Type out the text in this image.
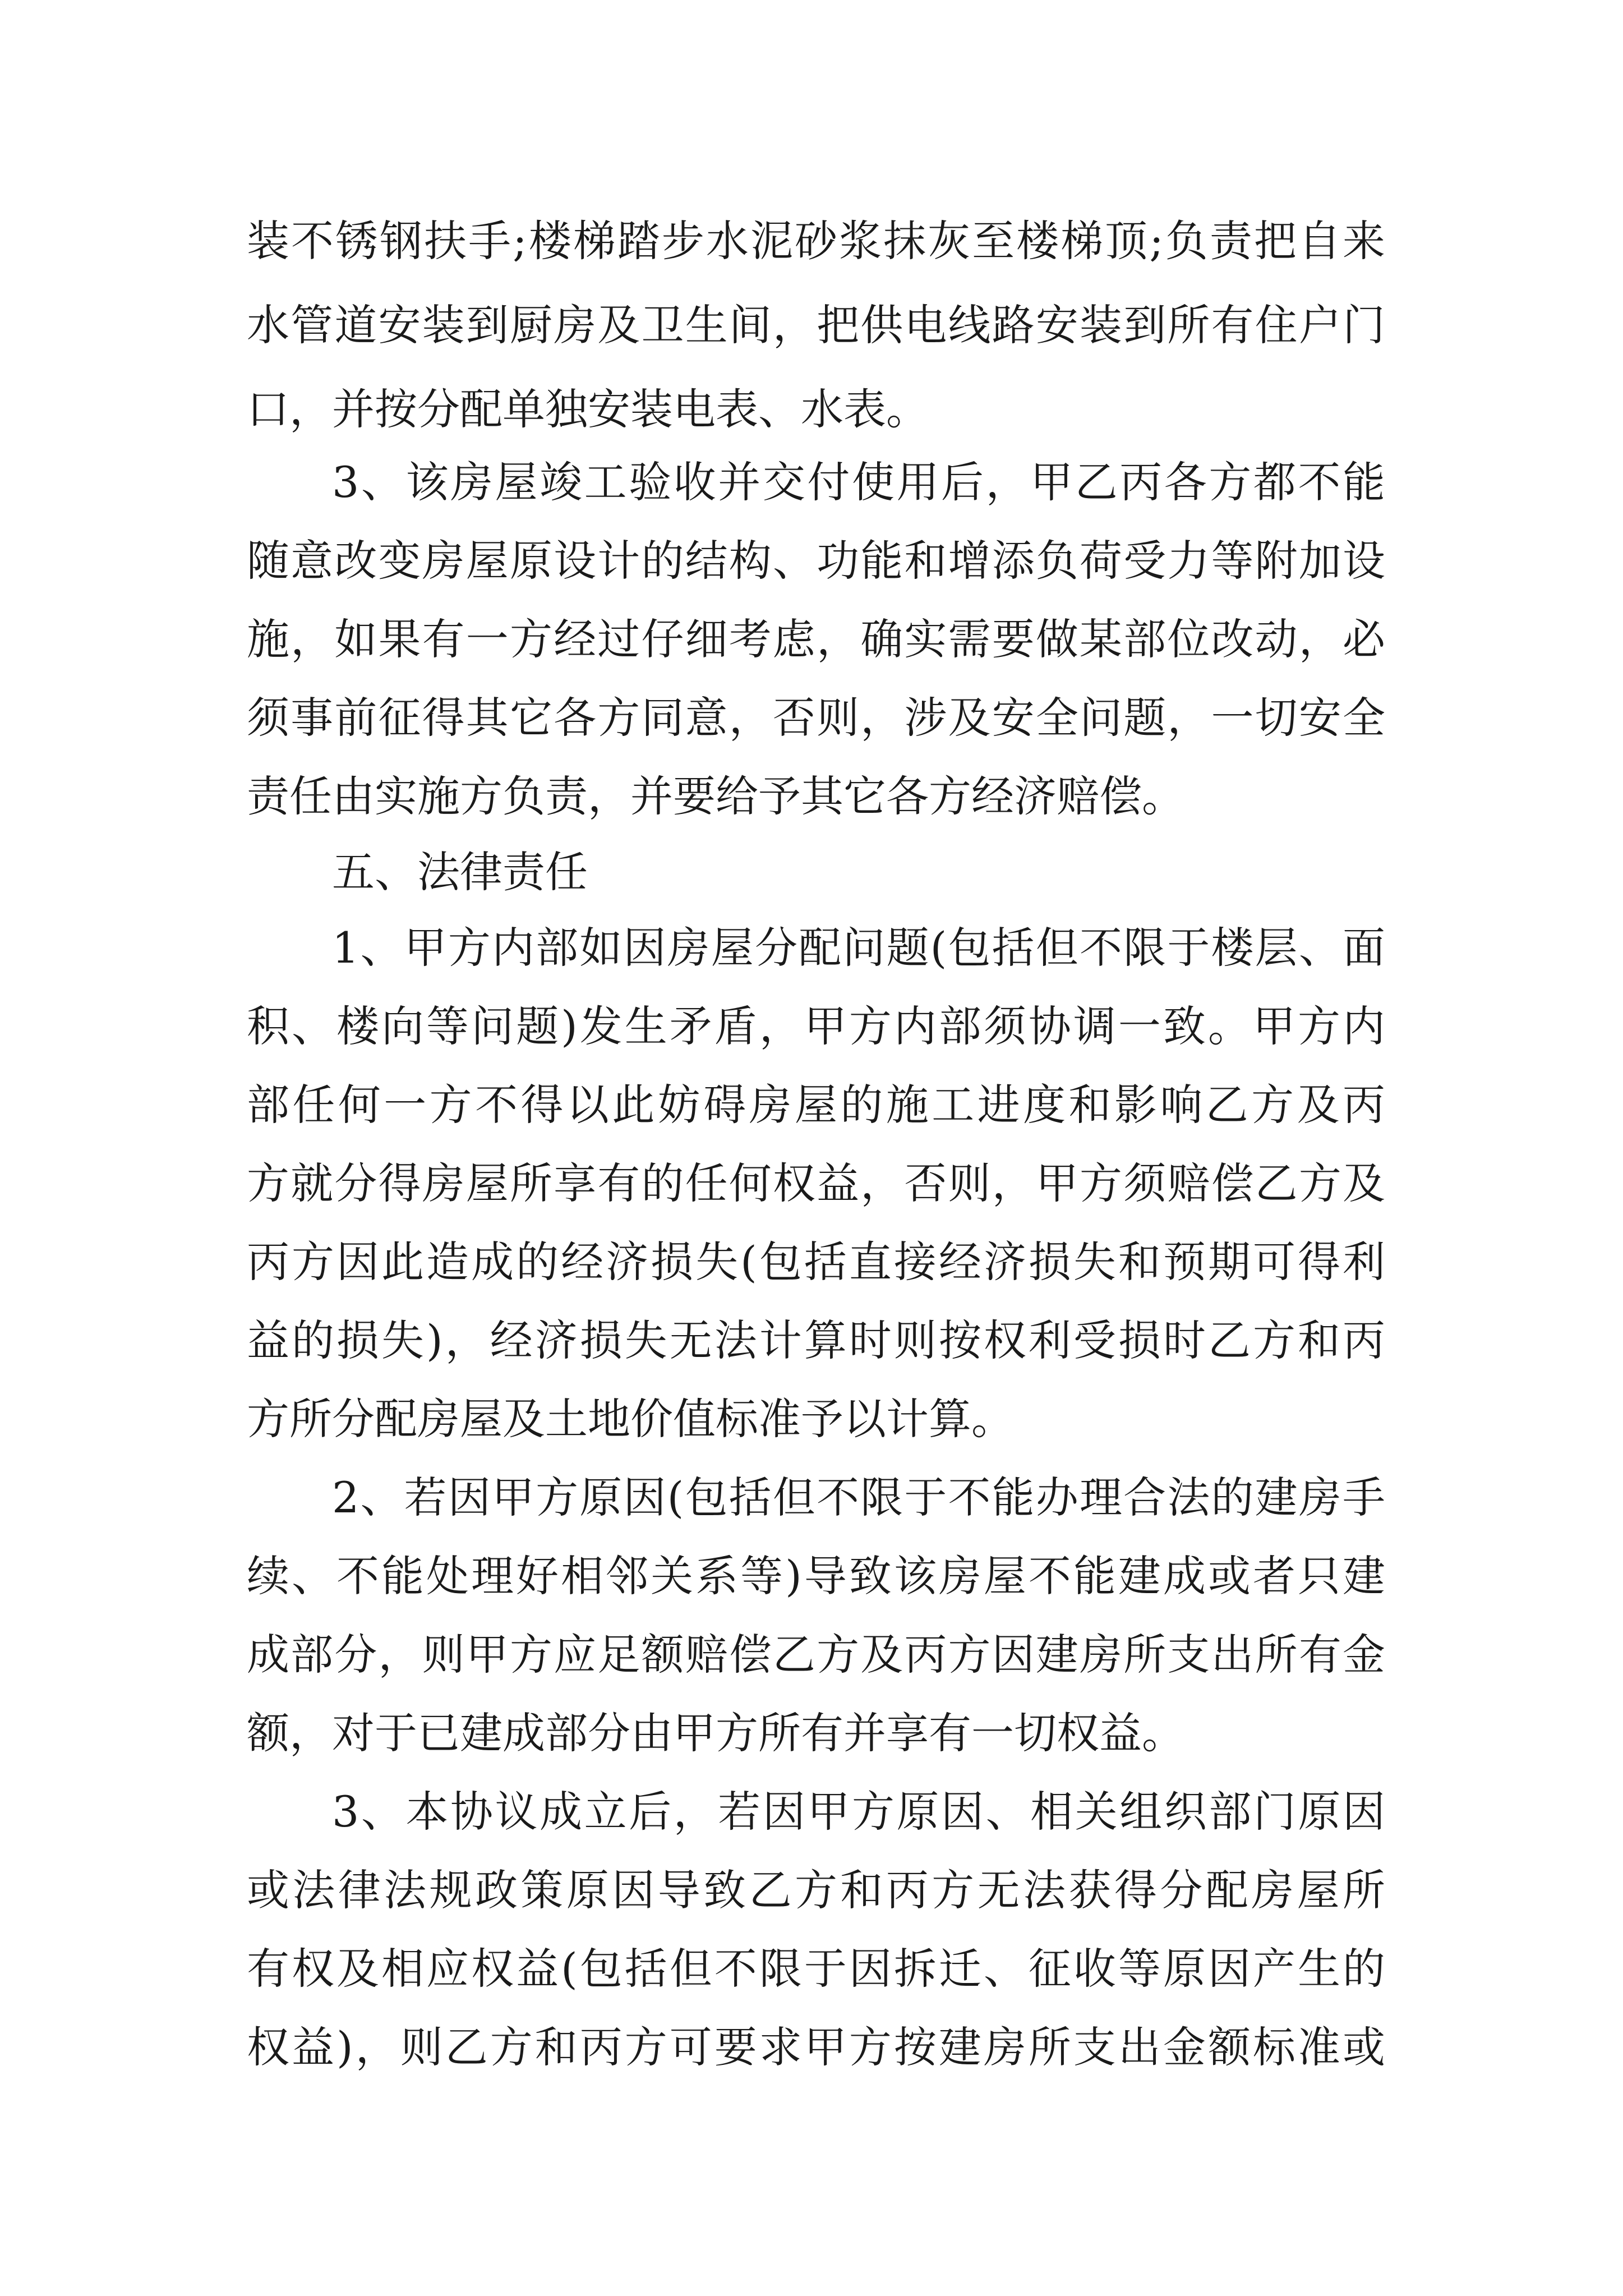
装不锈钢扶手;楼梯踏步水泥砂浆抹灰至楼梯顶;负责把自来
水管道安装到厨房及卫生间，把供电线路安装到所有住户门
口，并按分配单独安装电表、水表。
3、该房屋竣工验收并交付使用后，甲乙丙各方都不能
随意改变房屋原设计的结构、功能和增添负荷受力等附加设
施，如果有一方经过仔细考虑，确实需要做某部位改动，必
须事前征得其它各方同意，否则，涉及安全问题，一切安全
责任由实施方负责，并要给予其它各方经济赔偿。
五、法律责任
1、甲方内部如因房屋分配问题(包括但不限于楼层、面
积、楼向等问题)发生矛盾，甲方内部须协调一致。甲方内
部任何一方不得以此妨碍房屋的施工进度和影响乙方及丙
方就分得房屋所享有的任何权益，否则，甲方须赔偿乙方及
丙方因此造成的经济损失(包括直接经济损失和预期可得利
益的损失)，经济损失无法计算时则按权利受损时乙方和丙
方所分配房屋及土地价值标准予以计算。
2、若因甲方原因(包括但不限于不能办理合法的建房手
续、不能处理好相邻关系等)导致该房屋不能建成或者只建
成部分，则甲方应足额赔偿乙方及丙方因建房所支出所有金
额，对于已建成部分由甲方所有并享有一切权益。
3、本协议成立后，若因甲方原因、相关组织部门原因
或法律法规政策原因导致乙方和丙方无法获得分配房屋所
有权及相应权益(包括但不限于因拆迁、征收等原因产生的
权益)，则乙方和丙方可要求甲方按建房所支出金额标准或
